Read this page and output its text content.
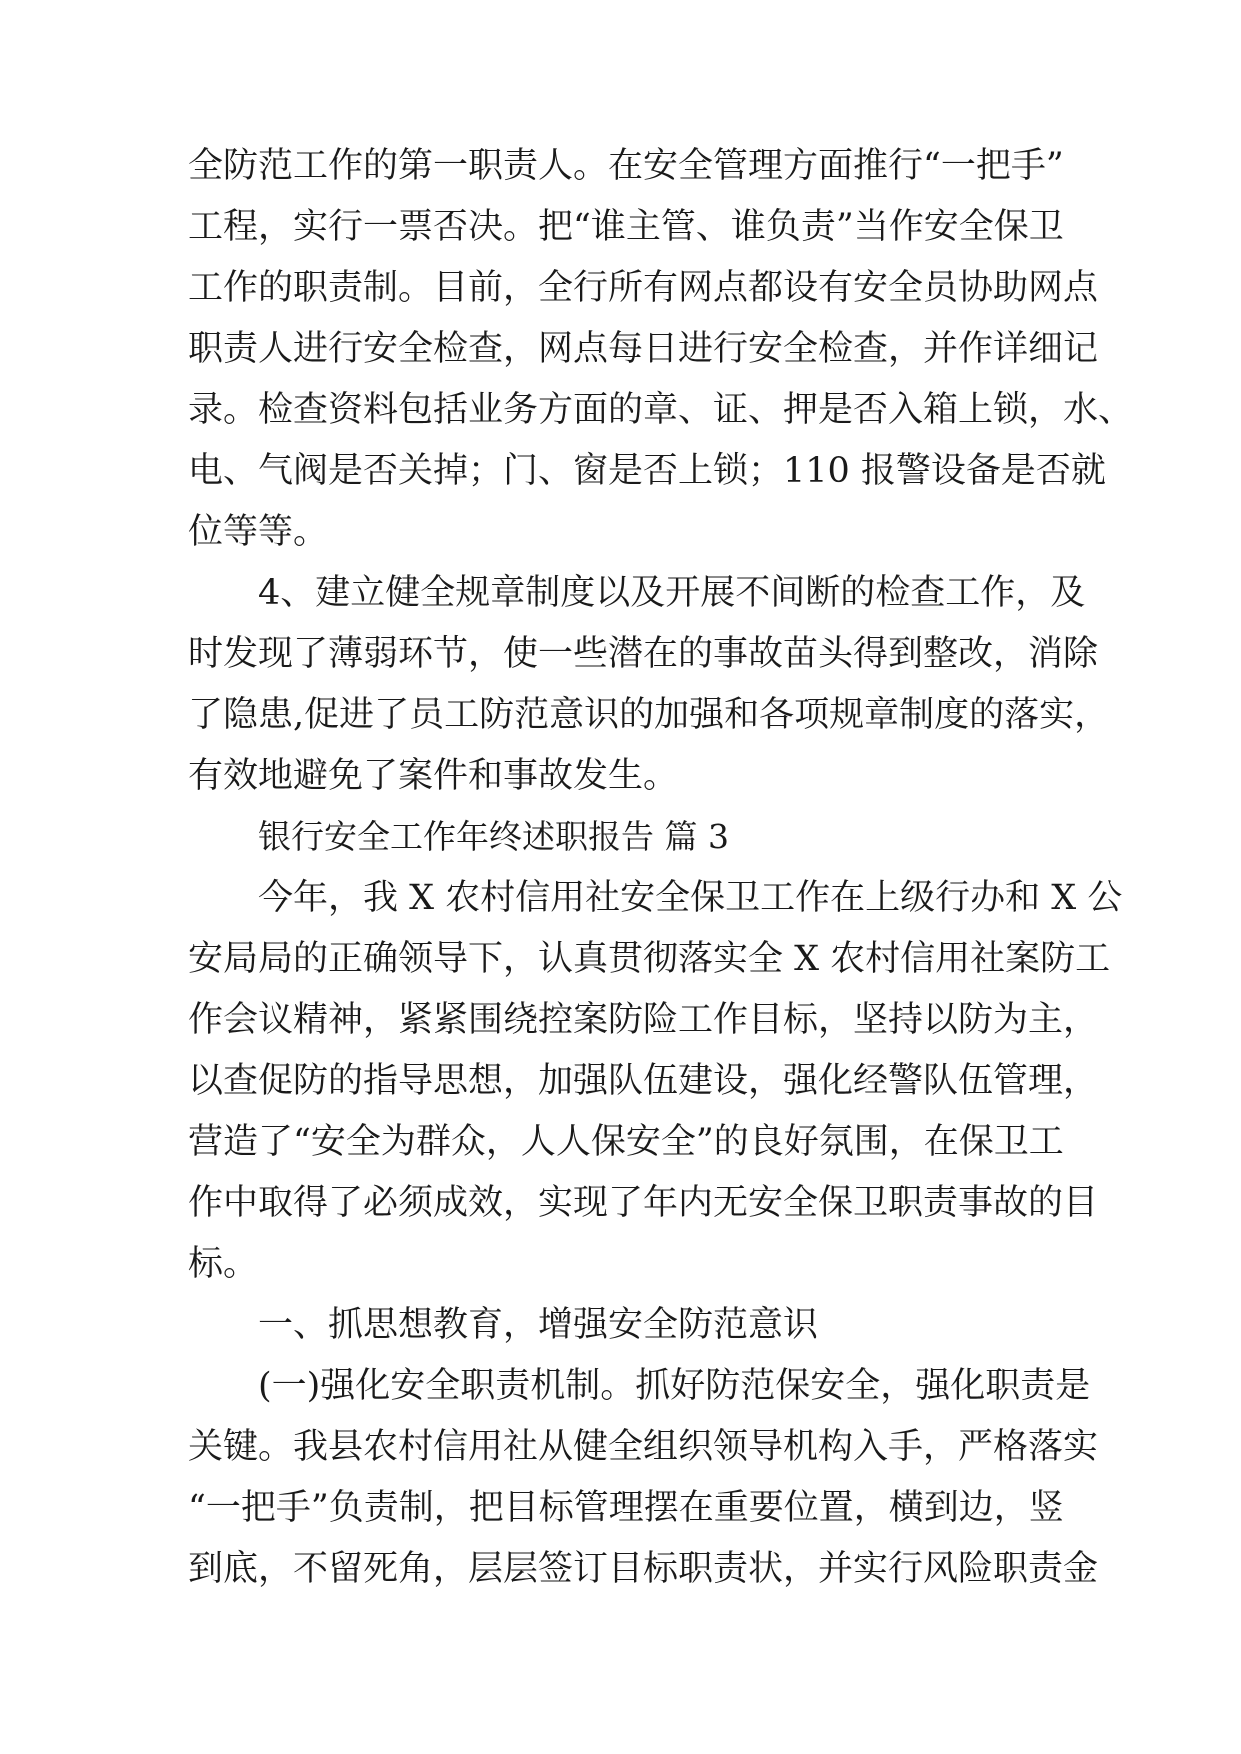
全防范工作的第一职责人。在安全管理方面推行“一把手”
工程，实行一票否决。把“谁主管、谁负责”当作安全保卫
工作的职责制。目前，全行所有网点都设有安全员协助网点
职责人进行安全检查，网点每日进行安全检查，并作详细记
录。检查资料包括业务方面的章、证、押是否入箱上锁，水、
电、气阀是否关掉；门、窗是否上锁；110 报警设备是否就
位等等。
4、建立健全规章制度以及开展不间断的检查工作，及
时发现了薄弱环节，使一些潜在的事故苗头得到整改，消除
了隐患,促进了员工防范意识的加强和各项规章制度的落实，
有效地避免了案件和事故发生。
银行安全工作年终述职报告 篇 3
今年，我 X 农村信用社安全保卫工作在上级行办和 X 公
安局局的正确领导下，认真贯彻落实全 X 农村信用社案防工
作会议精神，紧紧围绕控案防险工作目标，坚持以防为主，
以查促防的指导思想，加强队伍建设，强化经警队伍管理，
营造了“安全为群众，人人保安全”的良好氛围，在保卫工
作中取得了必须成效，实现了年内无安全保卫职责事故的目
标。
一、抓思想教育，增强安全防范意识
(一)强化安全职责机制。抓好防范保安全，强化职责是
关键。我县农村信用社从健全组织领导机构入手，严格落实
“一把手”负责制，把目标管理摆在重要位置，横到边，竖
到底，不留死角，层层签订目标职责状，并实行风险职责金
